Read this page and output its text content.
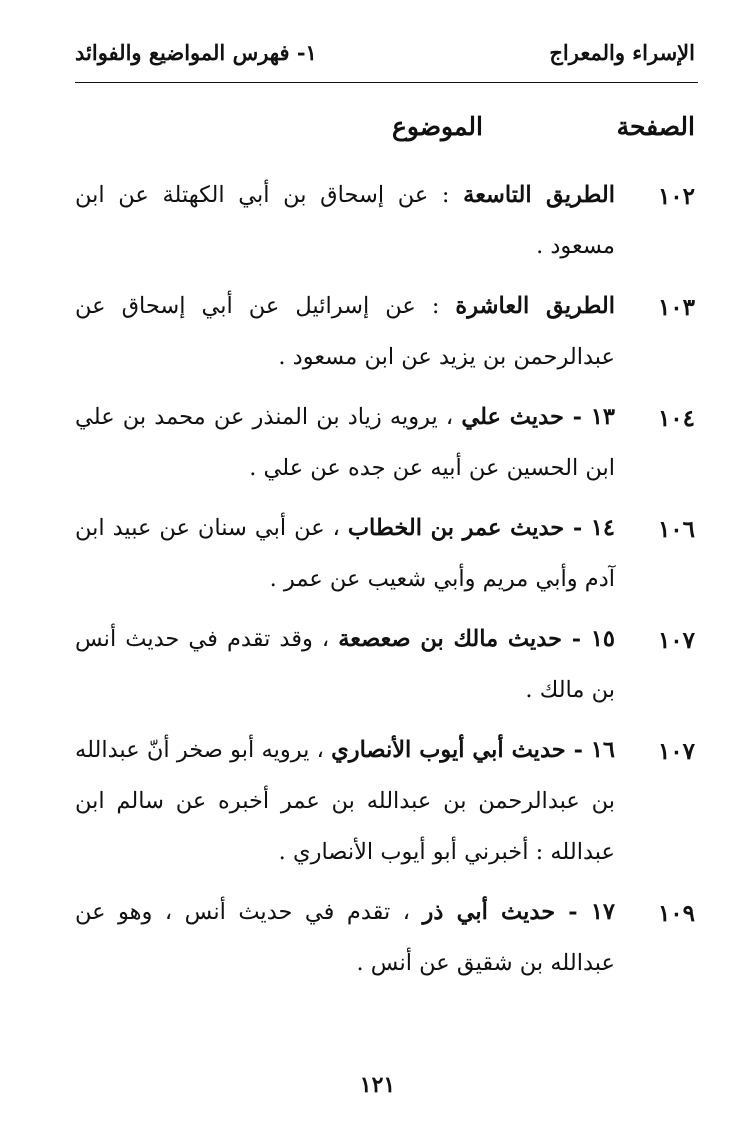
الإسراء والمعراج
١- فهرس المواضيع والفوائد
الصفحة
الموضوع
١٠٢
الطريق التاسعة : عن إسحاق بن أبي الكهتلة عن ابن مسعود .
١٠٣
الطريق العاشرة : عن إسرائيل عن أبي إسحاق عن عبدالرحمن بن يزيد عن ابن مسعود .
١٠٤
١٣ - حديث علي ، يرويه زياد بن المنذر عن محمد بن علي ابن الحسين عن أبيه عن جده عن علي .
١٠٦
١٤ - حديث عمر بن الخطاب ، عن أبي سنان عن عبيد ابن آدم وأبي مريم وأبي شعيب عن عمر .
١٠٧
١٥ - حديث مالك بن صعصعة ، وقد تقدم في حديث أنس بن مالك .
١٠٧
١٦ - حديث أبي أيوب الأنصاري ، يرويه أبو صخر أنّ عبدالله بن عبدالرحمن بن عبدالله بن عمر أخبره عن سالم ابن عبدالله : أخبرني أبو أيوب الأنصاري .
١٠٩
١٧ - حديث أبي ذر ، تقدم في حديث أنس ، وهو عن عبدالله بن شقيق عن أنس .
١٢١
